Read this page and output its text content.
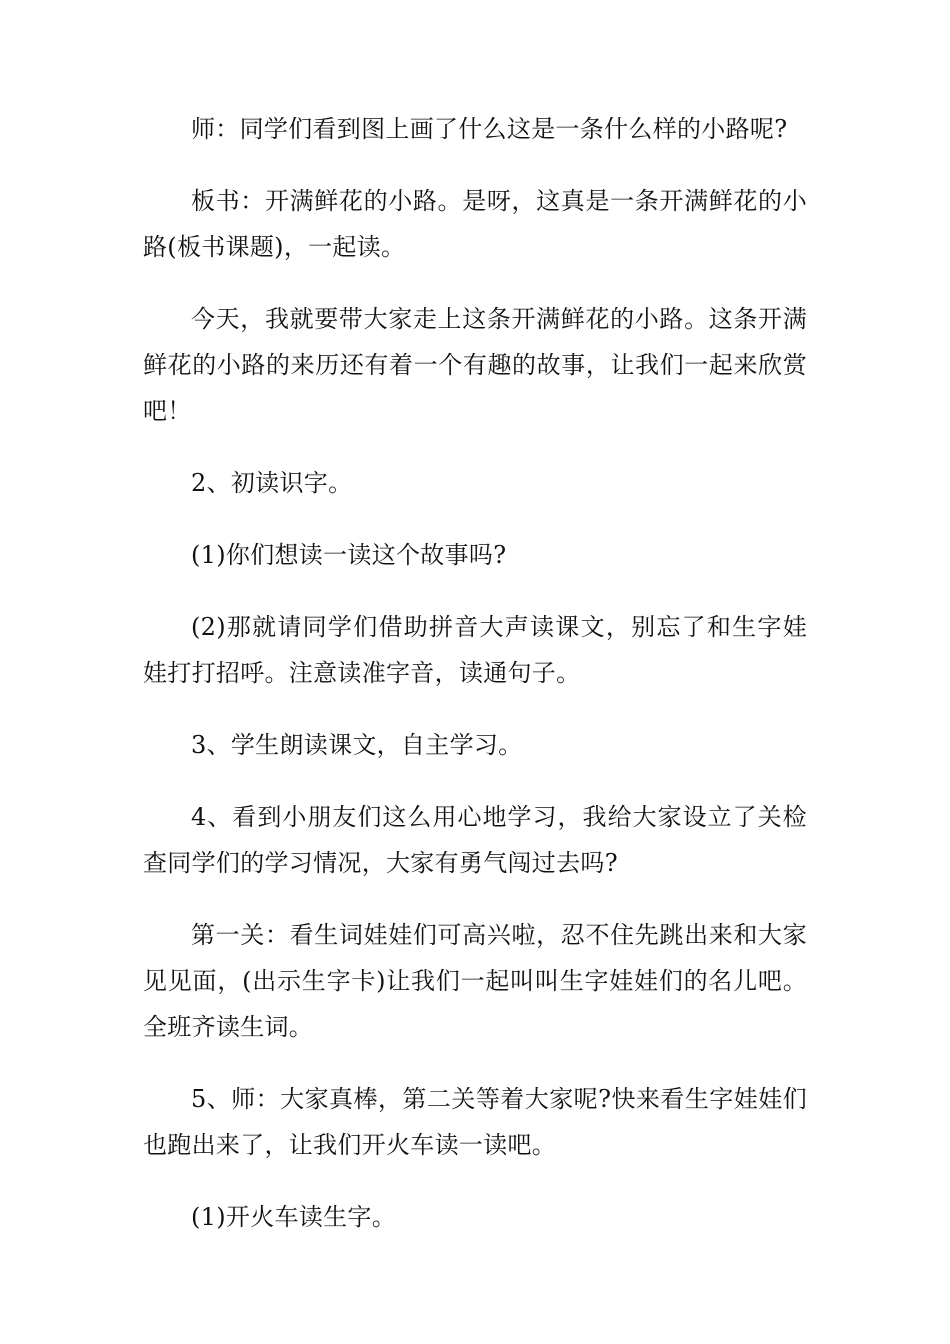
师：同学们看到图上画了什么这是一条什么样的小路呢?

板书：开满鲜花的小路。是呀，这真是一条开满鲜花的小路(板书课题)，一起读。

今天，我就要带大家走上这条开满鲜花的小路。这条开满鲜花的小路的来历还有着一个有趣的故事，让我们一起来欣赏吧！

2、初读识字。

(1)你们想读一读这个故事吗?

(2)那就请同学们借助拼音大声读课文，别忘了和生字娃娃打打招呼。注意读准字音，读通句子。

3、学生朗读课文，自主学习。

4、看到小朋友们这么用心地学习，我给大家设立了关检查同学们的学习情况，大家有勇气闯过去吗?

第一关：看生词娃娃们可高兴啦，忍不住先跳出来和大家见见面，(出示生字卡)让我们一起叫叫生字娃娃们的名儿吧。全班齐读生词。

5、师：大家真棒，第二关等着大家呢?快来看生字娃娃们也跑出来了，让我们开火车读一读吧。

(1)开火车读生字。
